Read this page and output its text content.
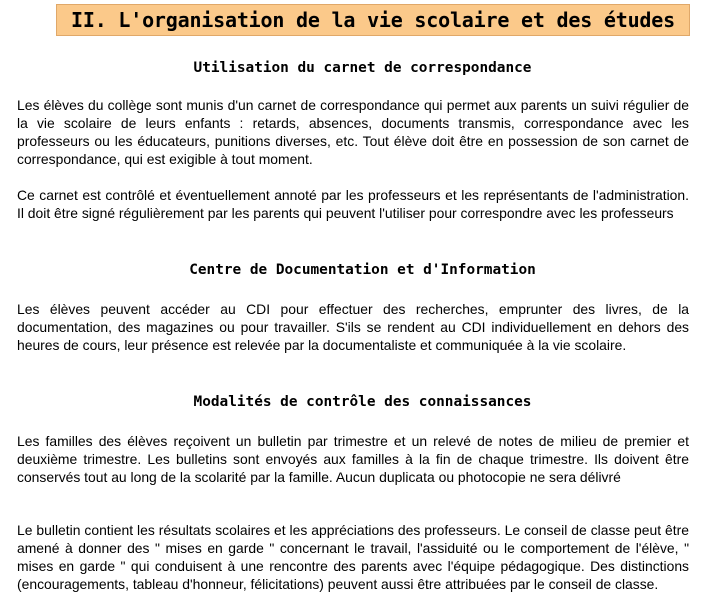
II. L'organisation de la vie scolaire et des études
Utilisation du carnet de correspondance

Les élèves du collège sont munis d'un carnet de correspondance qui permet aux parents un suivi régulier de la vie scolaire de leurs enfants : retards, absences, documents transmis, correspondance avec les professeurs ou les éducateurs, punitions diverses, etc. Tout élève doit être en possession de son carnet de correspondance, qui est exigible à tout moment.

Ce carnet est contrôlé et éventuellement annoté par les professeurs et les représentants de l'administration. Il doit être signé régulièrement par les parents qui peuvent l'utiliser pour correspondre avec les professeurs

Centre de Documentation et d'Information

Les élèves peuvent accéder au CDI pour effectuer des recherches, emprunter des livres, de la documentation, des magazines ou pour travailler. S'ils se rendent au CDI individuellement en dehors des heures de cours, leur présence est relevée par la documentaliste et communiquée à la vie scolaire.

Modalités de contrôle des connaissances

Les familles des élèves reçoivent un bulletin par trimestre et un relevé de notes de milieu de premier et deuxième trimestre. Les bulletins sont envoyés aux familles à la fin de chaque trimestre. Ils doivent être conservés tout au long de la scolarité par la famille. Aucun duplicata ou photocopie ne sera délivré

Le bulletin contient les résultats scolaires et les appréciations des professeurs. Le conseil de classe peut être amené à donner des " mises en garde " concernant le travail, l'assiduité ou le comportement de l'élève, " mises en garde " qui conduisent à une rencontre des parents avec l'équipe pédagogique. Des distinctions (encouragements, tableau d'honneur, félicitations) peuvent aussi être attribuées par le conseil de classe.
